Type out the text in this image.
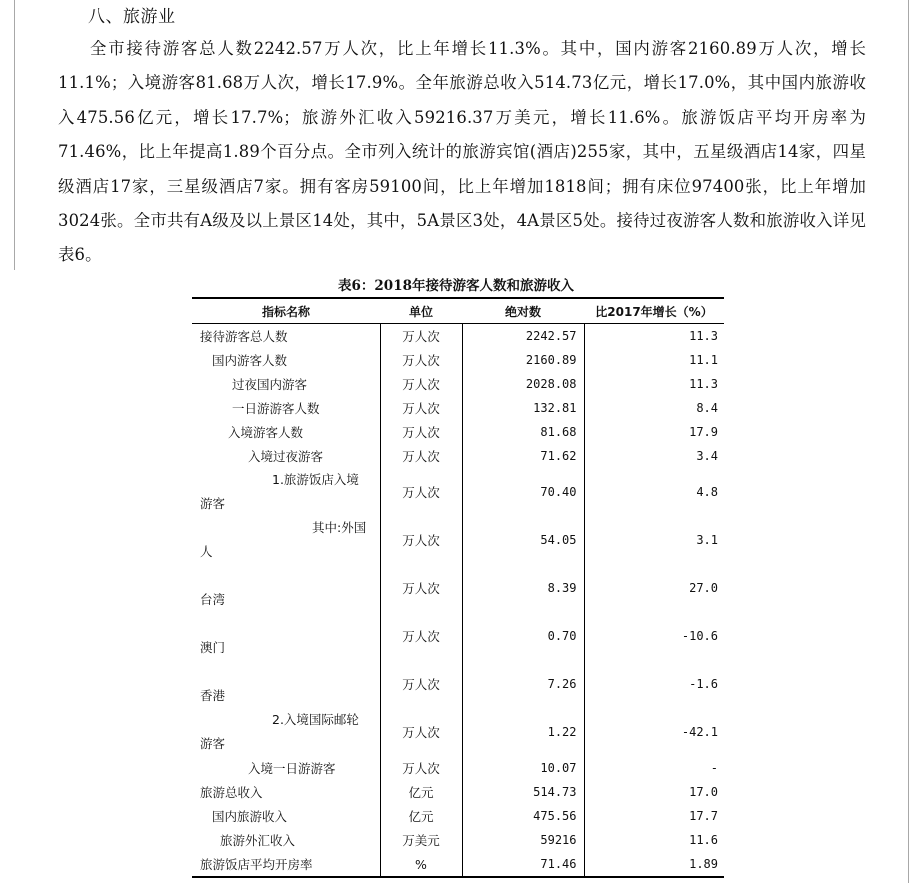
八、旅游业
全市接待游客总人数2242.57万人次，比上年增长11.3%。其中，国内游客2160.89万人次，增长11.1%；入境游客81.68万人次，增长17.9%。全年旅游总收入514.73亿元，增长17.0%，其中国内旅游收入475.56亿元，增长17.7%；旅游外汇收入59216.37万美元，增长11.6%。旅游饭店平均开房率为71.46%，比上年提高1.89个百分点。全市列入统计的旅游宾馆(酒店)255家，其中，五星级酒店14家，四星级酒店17家，三星级酒店7家。拥有客房59100间，比上年增加1818间；拥有床位97400张，比上年增加3024张。全市共有A级及以上景区14处，其中，5A景区3处，4A景区5处。接待过夜游客人数和旅游收入详见表6。
表6：2018年接待游客人数和旅游收入
指标名称	单位	绝对数	比2017年增长（%）

接待游客总人数	万人次	2242.57	11.3

国内游客人数	万人次	2160.89	11.1

过夜国内游客	万人次	2028.08	11.3

一日游游客人数	万人次	132.81	8.4

入境游客人数	万人次	81.68	17.9

入境过夜游客	万人次	71.62	3.4

1.旅游饭店入境
游客	万人次	70.40	4.8

其中:外国
人	万人次	54.05	3.1

台湾	万人次	8.39	27.0

澳门	万人次	0.70	-10.6

香港	万人次	7.26	-1.6

2.入境国际邮轮
游客	万人次	1.22	-42.1

入境一日游游客	万人次	10.07	-

旅游总收入	亿元	514.73	17.0

国内旅游收入	亿元	475.56	17.7

旅游外汇收入	万美元	59216	11.6

旅游饭店平均开房率	%	71.46	1.89
